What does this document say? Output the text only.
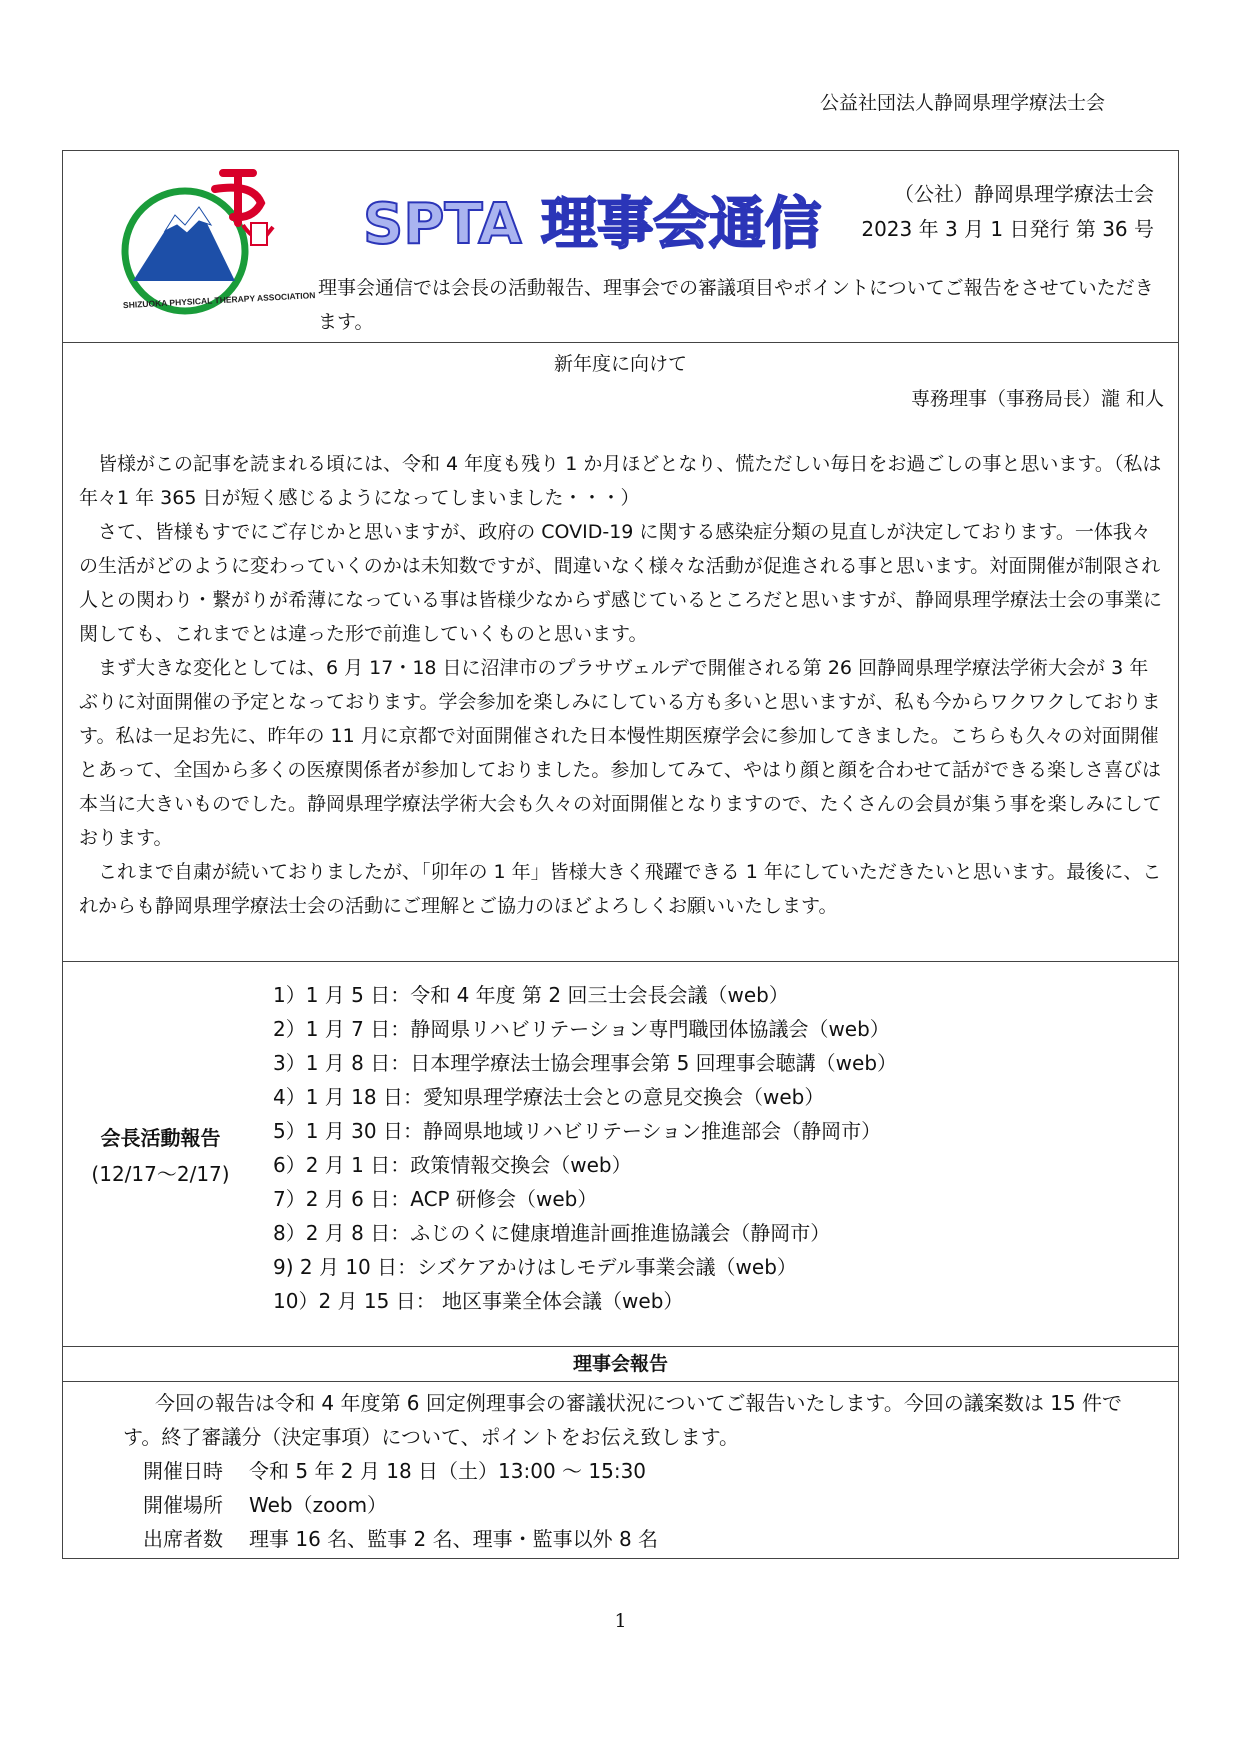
公益社団法人静岡県理学療法士会
SHIZUOKA PHYSICAL THERAPY ASSOCIATION
SPTA 理事会通信	（公社）静岡県理学療法士会
2023 年 3 月 1 日発行 第 36 号
理事会通信では会長の活動報告、理事会での審議項目やポイントについてご報告をさせていただきます。
新年度に向けて
専務理事（事務局長）瀧 和人

皆様がこの記事を読まれる頃には、令和 4 年度も残り 1 か月ほどとなり、慌ただしい毎日をお過ごしの事と思います。（私は年々1 年 365 日が短く感じるようになってしまいました・・・）

さて、皆様もすでにご存じかと思いますが、政府の COVID-19 に関する感染症分類の見直しが決定しております。一体我々の生活がどのように変わっていくのかは未知数ですが、間違いなく様々な活動が促進される事と思います。対面開催が制限され人との関わり・繋がりが希薄になっている事は皆様少なからず感じているところだと思いますが、静岡県理学療法士会の事業に関しても、これまでとは違った形で前進していくものと思います。

まず大きな変化としては、6 月 17・18 日に沼津市のプラサヴェルデで開催される第 26 回静岡県理学療法学術大会が 3 年ぶりに対面開催の予定となっております。学会参加を楽しみにしている方も多いと思いますが、私も今からワクワクしております。私は一足お先に、昨年の 11 月に京都で対面開催された日本慢性期医療学会に参加してきました。こちらも久々の対面開催とあって、全国から多くの医療関係者が参加しておりました。参加してみて、やはり顔と顔を合わせて話ができる楽しさ喜びは本当に大きいものでした。静岡県理学療法学術大会も久々の対面開催となりますので、たくさんの会員が集う事を楽しみにしております。

これまで自粛が続いておりましたが、「卯年の 1 年」皆様大きく飛躍できる 1 年にしていただきたいと思います。最後に、これからも静岡県理学療法士会の活動にご理解とご協力のほどよろしくお願いいたします。

会長活動報告
(12/17～2/17)
1）1 月 5 日：令和 4 年度 第 2 回三士会長会議（web）
2）1 月 7 日：静岡県リハビリテーション専門職団体協議会（web）
3）1 月 8 日：日本理学療法士協会理事会第 5 回理事会聴講（web）
4）1 月 18 日：愛知県理学療法士会との意見交換会（web）
5）1 月 30 日：静岡県地域リハビリテーション推進部会（静岡市）
6）2 月 1 日：政策情報交換会（web）
7）2 月 6 日：ACP 研修会（web）
8）2 月 8 日：ふじのくに健康増進計画推進協議会（静岡市）
9) 2 月 10 日：シズケアかけはしモデル事業会議（web）
10）2 月 15 日： 地区事業全体会議（web）
理事会報告

今回の報告は令和 4 年度第 6 回定例理事会の審議状況についてご報告いたします。今回の議案数は 15 件です。終了審議分（決定事項）について、ポイントをお伝え致します。

開催日時 令和 5 年 2 月 18 日（土）13:00 ～ 15:30
開催場所 Web（zoom）
出席者数 理事 16 名、監事 2 名、理事・監事以外 8 名
1
